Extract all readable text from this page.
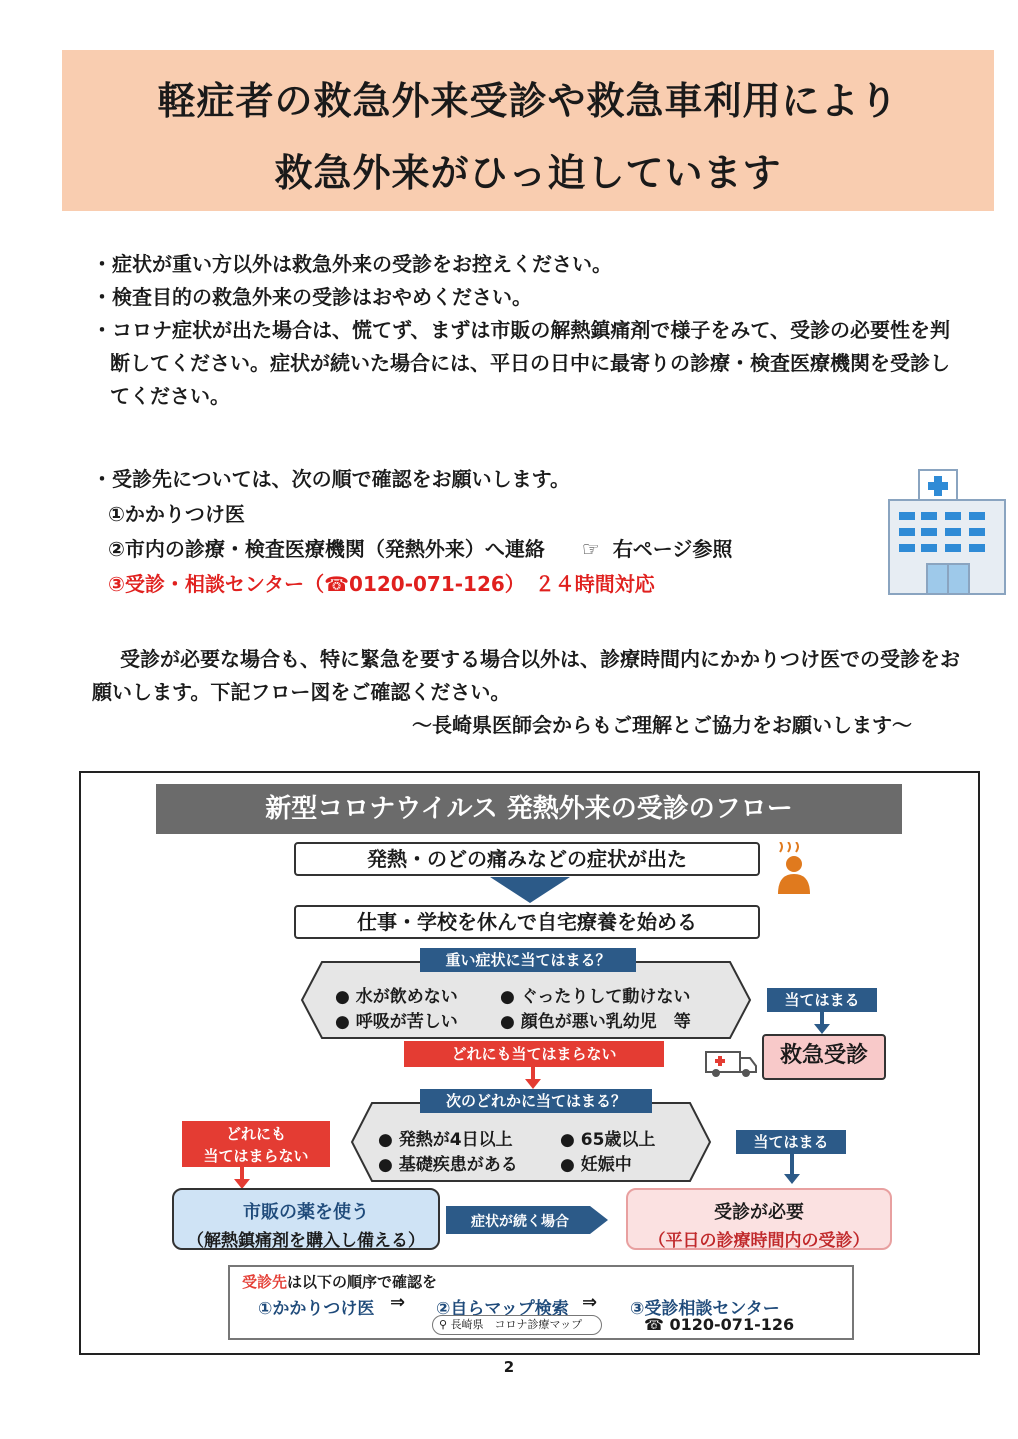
軽症者の救急外来受診や救急車利用により
救急外来がひっ迫しています
・症状が重い方以外は救急外来の受診をお控えください。
・検査目的の救急外来の受診はおやめください。
・コロナ症状が出た場合は、慌てず、まずは市販の解熱鎮痛剤で様子をみて、受診の必要性を判断してください。症状が続いた場合には、平日の日中に最寄りの診療・検査医療機関を受診してください。
・受診先については、次の順で確認をお願いします。
①かかりつけ医
②市内の診療・検査医療機関（発熱外来）へ連絡 ☞ 右ページ参照
③受診・相談センター（☎0120-071-126）　２４時間対応
受診が必要な場合も、特に緊急を要する場合以外は、診療時間内にかかりつけ医での受診をお願いします。下記フロー図をご確認ください。
～長崎県医師会からもご理解とご協力をお願いします～
新型コロナウイルス 発熱外来の受診のフロー
発熱・のどの痛みなどの症状が出た
仕事・学校を休んで自宅療養を始める
重い症状に当てはまる？
● 水が飲めない ● ぐったりして動けない
● 呼吸が苦しい ● 顔色が悪い乳幼児　等
当てはまる
救急受診
どれにも当てはまらない
次のどれかに当てはまる？
● 発熱が4日以上	● 65歳以上
● 基礎疾患がある ● 妊娠中
どれにも
当てはまらない
当てはまる
市販の薬を使う
（解熱鎮痛剤を購入し備える）
症状が続く場合	受診が必要
（平日の診療時間内の受診）
受診先は以下の順序で確認を
①かかりつけ医 ⇒ ②自らマップ検索 ⇒ ③受診相談センター
⚲ 長崎県　コロナ診療マップ	☎ 0120-071-126
2
